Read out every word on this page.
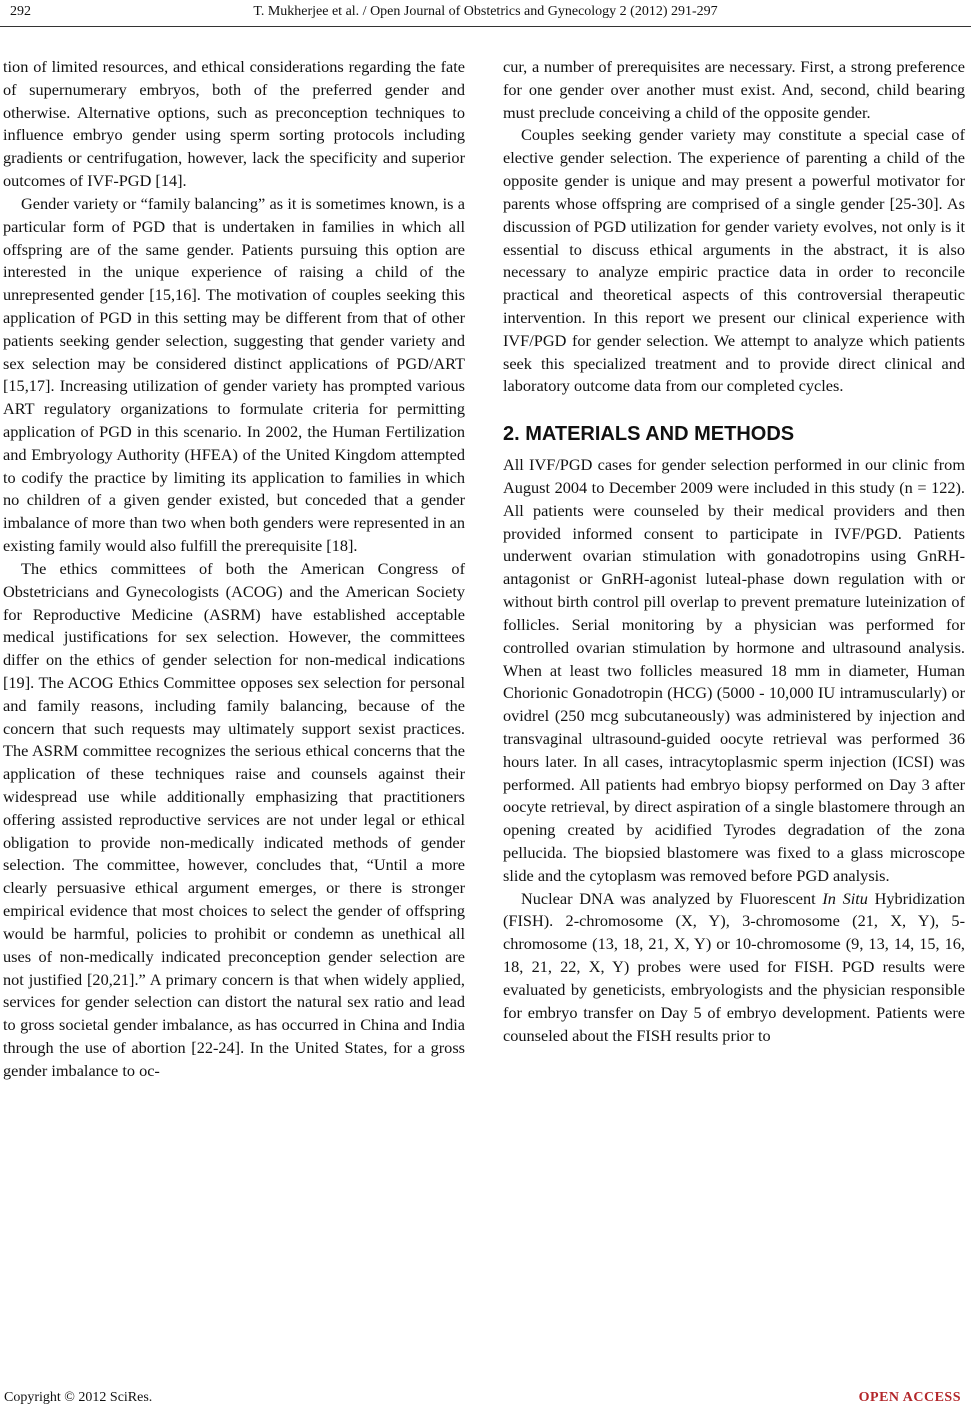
292	T. Mukherjee et al. / Open Journal of Obstetrics and Gynecology 2 (2012) 291-297

tion of limited resources, and ethical considerations regarding the fate of supernumerary embryos, both of the preferred gender and otherwise. Alternative options, such as preconception techniques to influence embryo gender using sperm sorting protocols including gradients or centrifugation, however, lack the specificity and superior outcomes of IVF-PGD [14].

Gender variety or “family balancing” as it is sometimes known, is a particular form of PGD that is undertaken in families in which all offspring are of the same gender. Patients pursuing this option are interested in the unique experience of raising a child of the unrepresented gender [15,16]. The motivation of couples seeking this application of PGD in this setting may be different from that of other patients seeking gender selection, suggesting that gender variety and sex selection may be considered distinct applications of PGD/ART [15,17]. Increasing utilization of gender variety has prompted various ART regulatory organizations to formulate criteria for permitting application of PGD in this scenario. In 2002, the Human Fertilization and Embryology Authority (HFEA) of the United Kingdom attempted to codify the practice by limiting its application to families in which no children of a given gender existed, but conceded that a gender imbalance of more than two when both genders were represented in an existing family would also fulfill the prerequisite [18].

The ethics committees of both the American Congress of Obstetricians and Gynecologists (ACOG) and the American Society for Reproductive Medicine (ASRM) have established acceptable medical justifications for sex selection. However, the committees differ on the ethics of gender selection for non-medical indications [19]. The ACOG Ethics Committee opposes sex selection for personal and family reasons, including family balancing, because of the concern that such requests may ultimately support sexist practices. The ASRM committee recognizes the serious ethical concerns that the application of these techniques raise and counsels against their widespread use while additionally emphasizing that practitioners offering assisted reproductive services are not under legal or ethical obligation to provide non-medically indicated methods of gender selection. The committee, however, concludes that, “Until a more clearly persuasive ethical argument emerges, or there is stronger empirical evidence that most choices to select the gender of offspring would be harmful, policies to prohibit or condemn as unethical all uses of non-medically indicated preconception gender selection are not justified [20,21].” A primary concern is that when widely applied, services for gender selection can distort the natural sex ratio and lead to gross societal gender imbalance, as has occurred in China and India through the use of abortion [22-24]. In the United States, for a gross gender imbalance to oc-

cur, a number of prerequisites are necessary. First, a strong preference for one gender over another must exist. And, second, child bearing must preclude conceiving a child of the opposite gender.

Couples seeking gender variety may constitute a special case of elective gender selection. The experience of parenting a child of the opposite gender is unique and may present a powerful motivator for parents whose offspring are comprised of a single gender [25-30]. As discussion of PGD utilization for gender variety evolves, not only is it essential to discuss ethical arguments in the abstract, it is also necessary to analyze empiric practice data in order to reconcile practical and theoretical aspects of this controversial therapeutic intervention. In this report we present our clinical experience with IVF/PGD for gender selection. We attempt to analyze which patients seek this specialized treatment and to provide direct clinical and laboratory outcome data from our completed cycles.

2. MATERIALS AND METHODS

All IVF/PGD cases for gender selection performed in our clinic from August 2004 to December 2009 were included in this study (n = 122). All patients were counseled by their medical providers and then provided informed consent to participate in IVF/PGD. Patients underwent ovarian stimulation with gonadotropins using GnRH-antagonist or GnRH-agonist luteal-phase down regulation with or without birth control pill overlap to prevent premature luteinization of follicles. Serial monitoring by a physician was performed for controlled ovarian stimulation by hormone and ultrasound analysis. When at least two follicles measured 18 mm in diameter, Human Chorionic Gonadotropin (HCG) (5000 - 10,000 IU intramuscularly) or ovidrel (250 mcg subcutaneously) was administered by injection and transvaginal ultrasound-guided oocyte retrieval was performed 36 hours later. In all cases, intracytoplasmic sperm injection (ICSI) was performed. All patients had embryo biopsy performed on Day 3 after oocyte retrieval, by direct aspiration of a single blastomere through an opening created by acidified Tyrodes degradation of the zona pellucida. The biopsied blastomere was fixed to a glass microscope slide and the cytoplasm was removed before PGD analysis.

Nuclear DNA was analyzed by Fluorescent In Situ Hybridization (FISH). 2-chromosome (X, Y), 3-chromosome (21, X, Y), 5-chromosome (13, 18, 21, X, Y) or 10-chromosome (9, 13, 14, 15, 16, 18, 21, 22, X, Y) probes were used for FISH. PGD results were evaluated by geneticists, embryologists and the physician responsible for embryo transfer on Day 5 of embryo development. Patients were counseled about the FISH results prior to

Copyright © 2012 SciRes.	OPEN ACCESS
